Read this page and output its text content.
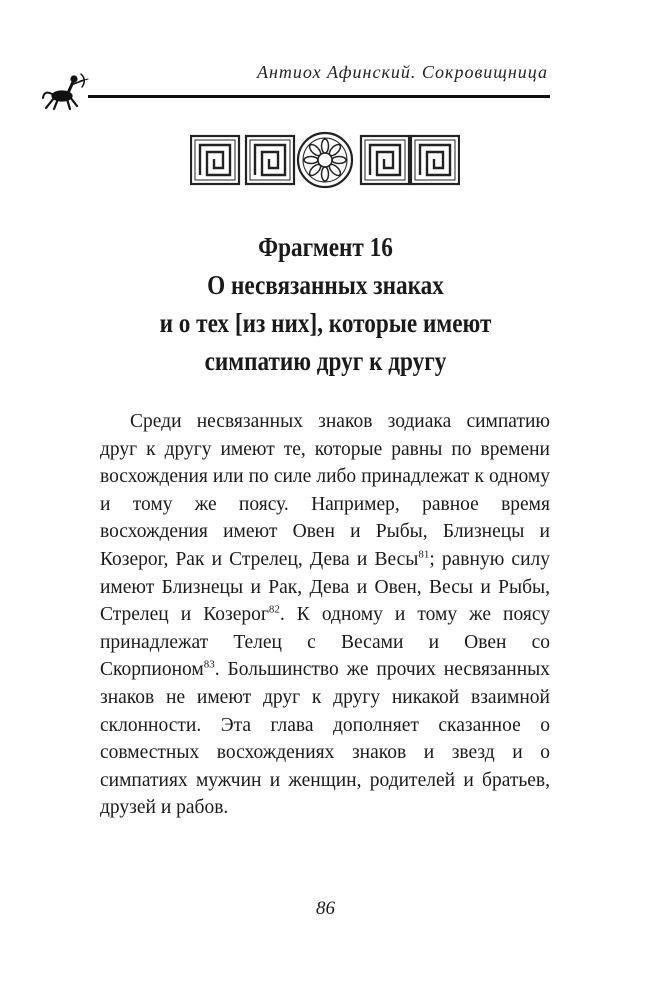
Антиох Афинский. Сокровищница
Фрагмент 16
О несвязанных знаках
и о тех [из них], которые имеют
симпатию друг к другу

Среди несвязанных знаков зодиака симпатию друг к другу имеют те, которые равны по времени восхождения или по силе либо принадлежат к одному и тому же поясу. Например, равное время восхождения имеют Овен и Рыбы, Близнецы и Козерог, Рак и Стрелец, Дева и Весы$^{81}$; равную силу имеют Близнецы и Рак, Дева и Овен, Весы и Рыбы, Стрелец и Козерог$^{82}$. К одному и тому же поясу принадлежат Телец с Весами и Овен со Скорпионом$^{83}$. Большинство же прочих несвязанных знаков не имеют друг к другу никакой взаимной склонности. Эта глава дополняет сказанное о совместных восхождениях знаков и звезд и о симпатиях мужчин и женщин, родителей и братьев, друзей и рабов.

86
